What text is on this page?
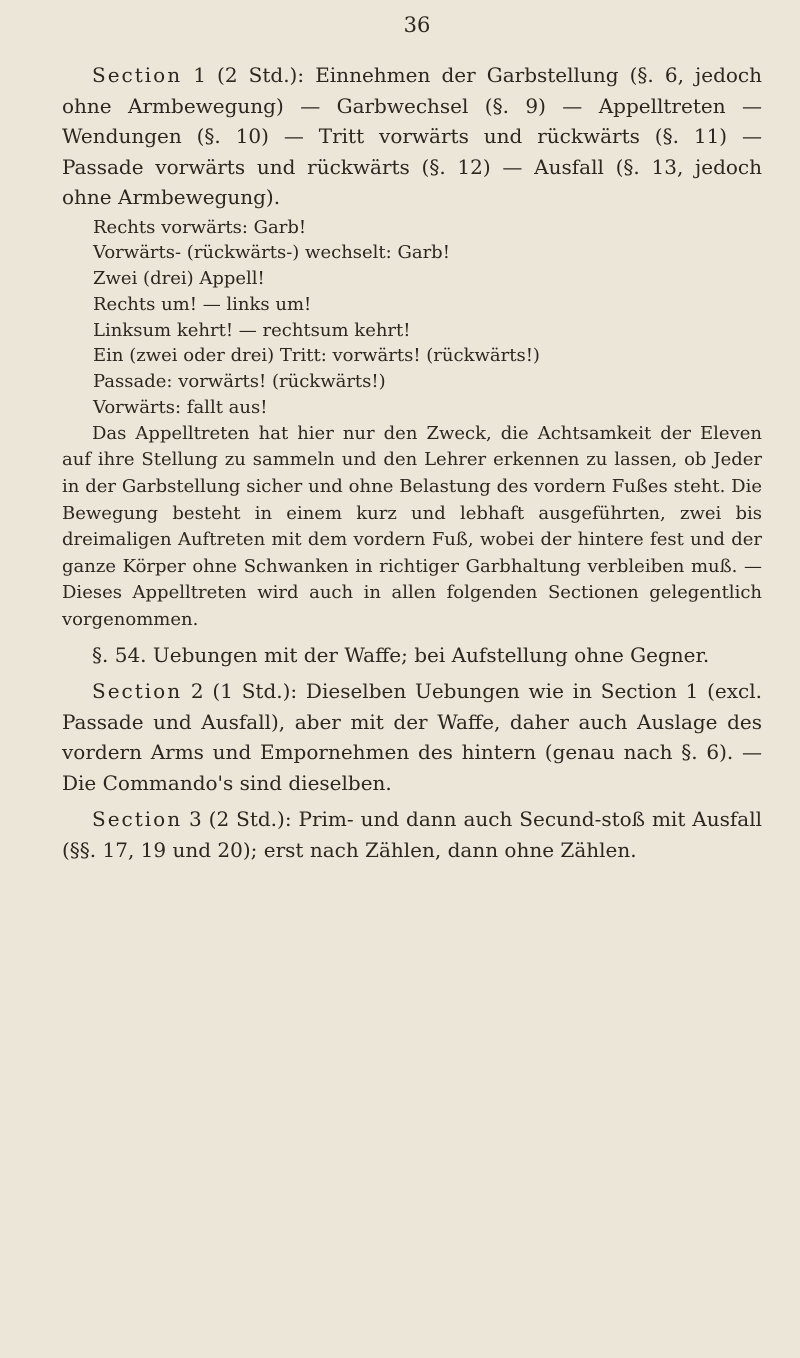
36

Section 1 (2 Std.): Einnehmen der Garbstellung (§. 6, jedoch ohne Armbewegung) — Garbwechsel (§. 9) — Appelltreten — Wendungen (§. 10) — Tritt vorwärts und rückwärts (§. 11) — Passade vorwärts und rückwärts (§. 12) — Ausfall (§. 13, jedoch ohne Armbewegung).

Rechts vorwärts: Garb!
Vorwärts- (rückwärts-) wechselt: Garb!
Zwei (drei) Appell!
Rechts um! — links um!
Linksum kehrt! — rechtsum kehrt!
Ein (zwei oder drei) Tritt: vorwärts! (rückwärts!)
Passade: vorwärts! (rückwärts!)
Vorwärts: fallt aus!

Das Appelltreten hat hier nur den Zweck, die Achtsamkeit der Eleven auf ihre Stellung zu sammeln und den Lehrer erkennen zu lassen, ob Jeder in der Garbstellung sicher und ohne Belastung des vordern Fußes steht. Die Bewegung besteht in einem kurz und lebhaft ausgeführten, zwei bis dreimaligen Auftreten mit dem vordern Fuß, wobei der hintere fest und der ganze Körper ohne Schwanken in richtiger Garbhaltung verbleiben muß. — Dieses Appelltreten wird auch in allen folgenden Sectionen gelegentlich vorgenommen.

§. 54. Uebungen mit der Waffe; bei Aufstellung ohne Gegner.

Section 2 (1 Std.): Dieselben Uebungen wie in Section 1 (excl. Passade und Ausfall), aber mit der Waffe, daher auch Auslage des vordern Arms und Empornehmen des hintern (genau nach §. 6). — Die Commando's sind dieselben.

Section 3 (2 Std.): Prim- und dann auch Secund-stoß mit Ausfall (§§. 17, 19 und 20); erst nach Zählen, dann ohne Zählen.
